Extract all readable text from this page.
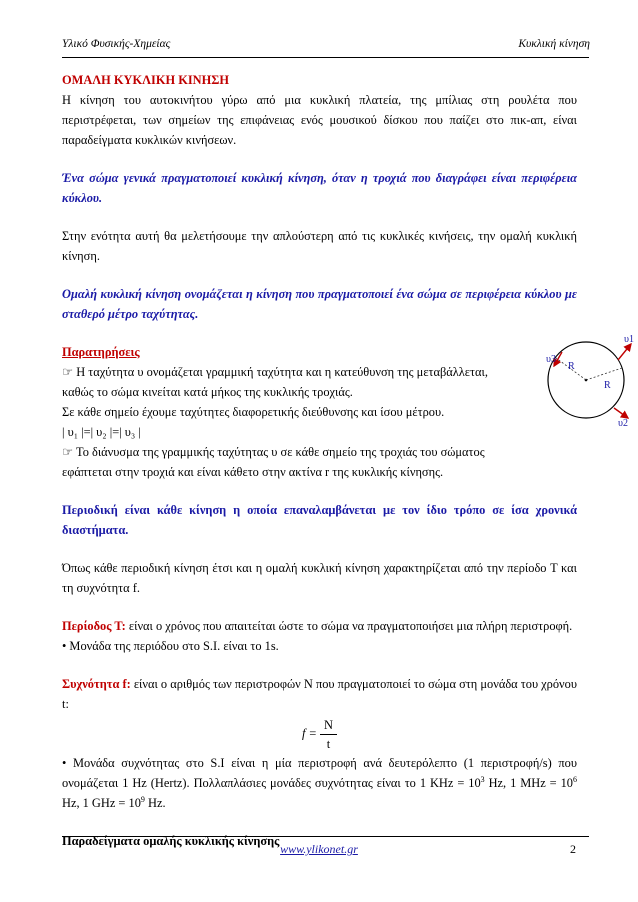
Υλικό Φυσικής-Χημείας	Κυκλική κίνηση

ΟΜΑΛΗ ΚΥΚΛΙΚΗ ΚΙΝΗΣΗ

Η κίνηση του αυτοκινήτου γύρω από μια κυκλική πλατεία, της μπίλιας στη ρουλέτα που περιστρέφεται, των σημείων της επιφάνειας ενός μουσικού δίσκου που παίζει στο πικ-απ, είναι παραδείγματα κυκλικών κινήσεων.

Ένα σώμα γενικά πραγματοποιεί κυκλική κίνηση, όταν η τροχιά που διαγράφει είναι περιφέρεια κύκλου.

Στην ενότητα αυτή θα μελετήσουμε την απλούστερη από τις κυκλικές κινήσεις, την ομαλή κυκλική κίνηση.

Ομαλή κυκλική κίνηση ονομάζεται η κίνηση που πραγματοποιεί ένα σώμα σε περιφέρεια κύκλου με σταθερό μέτρο ταχύτητας.

Παρατηρήσεις

☞ Η ταχύτητα υ ονομάζεται γραμμική ταχύτητα και η κατεύθυνση της μεταβάλλεται,

καθώς το σώμα κινείται κατά μήκος της κυκλικής τροχιάς.

Σε κάθε σημείο έχουμε ταχύτητες διαφορετικής διεύθυνσης και ίσου μέτρου.

| υ₁ |=| υ₂ |=| υ₃ |

☞ Το διάνυσμα της γραμμικής ταχύτητας υ σε κάθε σημείο της τροχιάς του σώματος

εφάπτεται στην τροχιά και είναι κάθετο στην ακτίνα r της κυκλικής κίνησης.

Περιοδική είναι κάθε κίνηση η οποία επαναλαμβάνεται με τον ίδιο τρόπο σε ίσα χρονικά διαστήματα.

Όπως κάθε περιοδική κίνηση έτσι και η ομαλή κυκλική κίνηση χαρακτηρίζεται από την περίοδο T και τη συχνότητα f.

Περίοδος Τ: είναι ο χρόνος που απαιτείται ώστε το σώμα να πραγματοποιήσει μια πλήρη περιστροφή.

• Μονάδα της περιόδου στο S.I. είναι το 1s.

Συχνότητα f: είναι ο αριθμός των περιστροφών N που πραγματοποιεί το σώμα στη μονάδα του χρόνου t:

$f = \frac{N}{t}$

• Μονάδα συχνότητας στο S.I είναι η μία περιστροφή ανά δευτερόλεπτο (1 περιστροφή/s) που ονομάζεται 1 Hz (Hertz). Πολλαπλάσιες μονάδες συχνότητας είναι το 1 KHz = $10^3$ Hz, 1 MHz = $10^6$ Hz, 1 GHz = $10^9$ Hz.

Παραδείγματα ομαλής κυκλικής κίνησης

υ1
υ2
υ3
R
R
www.ylikonet.gr	2
